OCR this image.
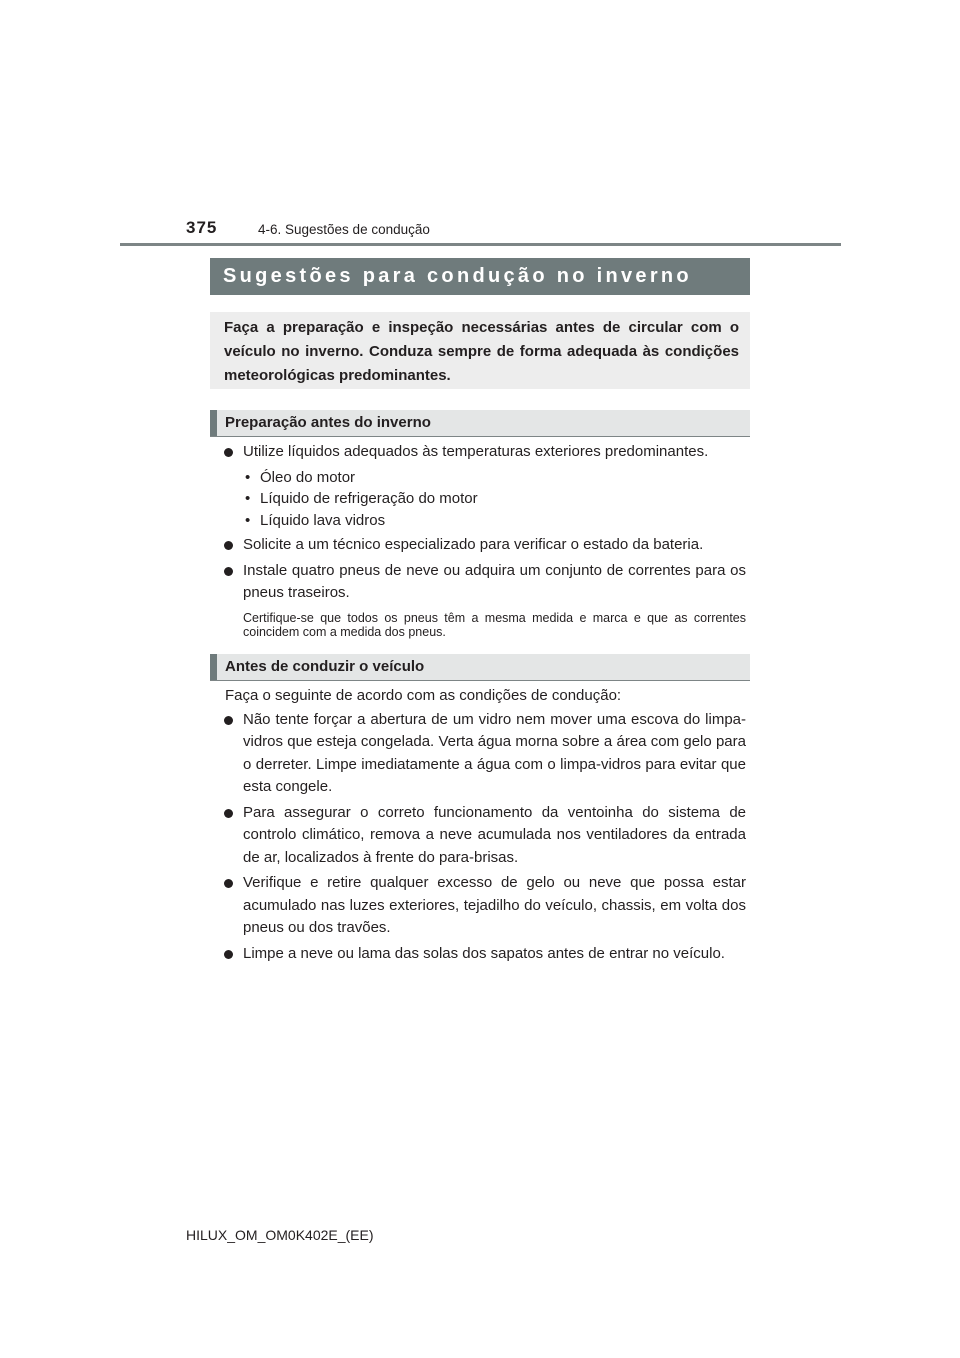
375	4-6. Sugestões de condução
Sugestões para condução no inverno
Faça a preparação e inspeção necessárias antes de circular com o veículo no inverno. Conduza sempre de forma adequada às condições meteorológicas predominantes.
Preparação antes do inverno
Utilize líquidos adequados às temperaturas exteriores predominantes.
• Óleo do motor
• Líquido de refrigeração do motor
• Líquido lava vidros
Solicite a um técnico especializado para verificar o estado da bateria.
Instale quatro pneus de neve ou adquira um conjunto de correntes para os pneus traseiros.
Certifique-se que todos os pneus têm a mesma medida e marca e que as correntes coincidem com a medida dos pneus.
Antes de conduzir o veículo
Faça o seguinte de acordo com as condições de condução:
Não tente forçar a abertura de um vidro nem mover uma escova do limpa-vidros que esteja congelada. Verta água morna sobre a área com gelo para o derreter. Limpe imediatamente a água com o limpa-vidros para evitar que esta congele.
Para assegurar o correto funcionamento da ventoinha do sistema de controlo climático, remova a neve acumulada nos ventiladores da entrada de ar, localizados à frente do para-brisas.
Verifique e retire qualquer excesso de gelo ou neve que possa estar acumulado nas luzes exteriores, tejadilho do veículo, chassis, em volta dos pneus ou dos travões.
Limpe a neve ou lama das solas dos sapatos antes de entrar no veículo.
HILUX_OM_OM0K402E_(EE)
